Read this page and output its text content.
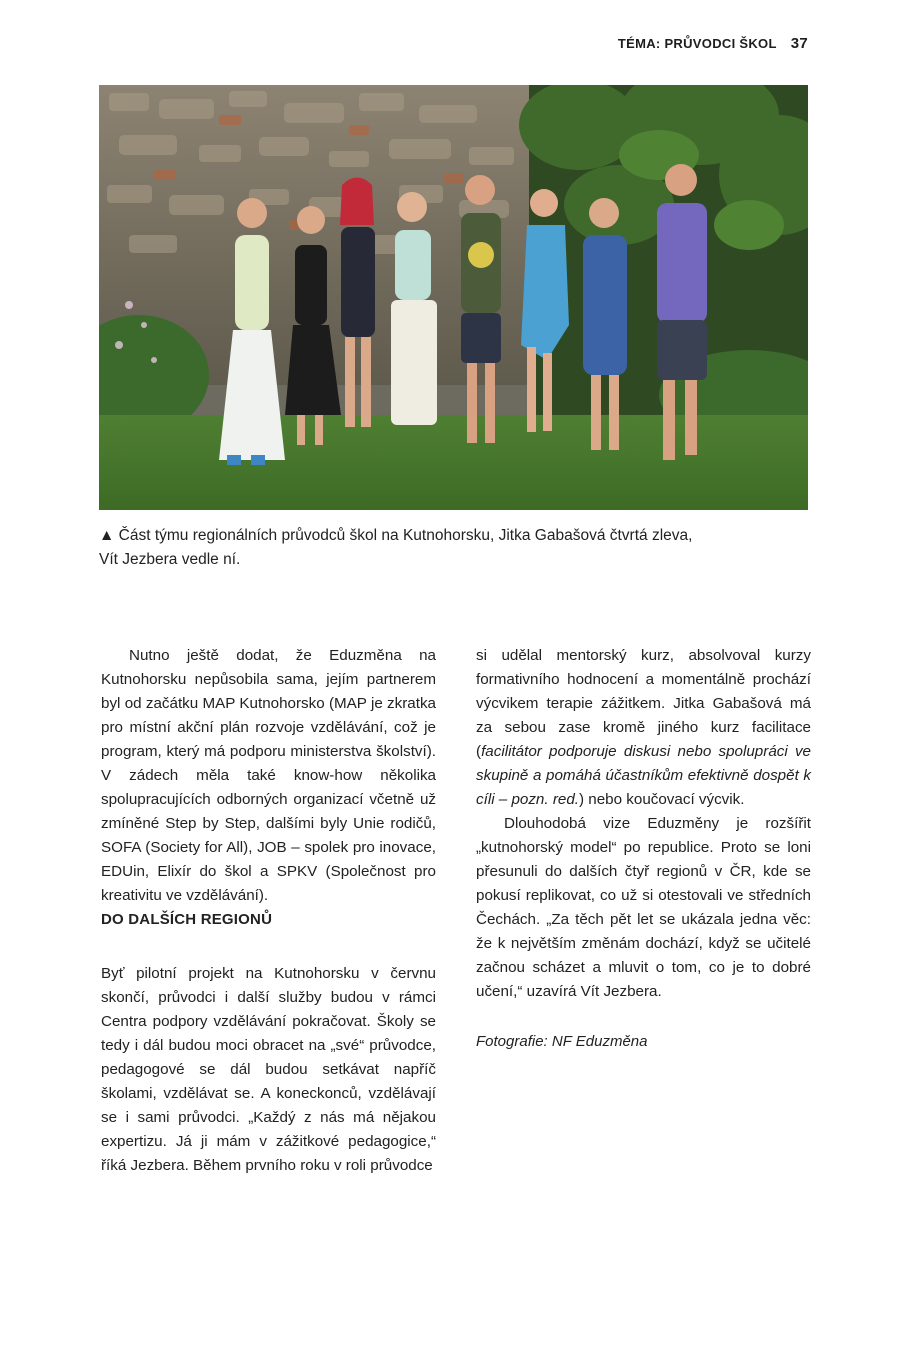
TÉMA: PRŮVODCI ŠKOL 37
▲ Část týmu regionálních průvodců škol na Kutnohorsku, Jitka Gabašová čtvrtá zleva,
Vít Jezbera vedle ní.

Nutno ještě dodat, že Eduzměna na Kutnohorsku nepůsobila sama, jejím partnerem byl od začátku MAP Kutnohorsko (MAP je zkratka pro místní akční plán rozvoje vzdělávání, což je program, který má podporu ministerstva školství). V zádech měla také know-how několika spolupracujících odborných organizací včetně už zmíněné Step by Step, dalšími byly Unie rodičů, SOFA (Society for All), JOB – spolek pro inovace, EDUin, Elixír do škol a SPKV (Společnost pro kreativitu ve vzdělávání).

DO DALŠÍCH REGIONŮ

Byť pilotní projekt na Kutnohorsku v červnu skončí, průvodci i další služby budou v rámci Centra podpory vzdělávání pokračovat. Školy se tedy i dál budou moci obracet na „své“ průvodce, pedagogové se dál budou setkávat napříč školami, vzdělávat se. A koneckonců, vzdělávají se i sami průvodci. „Každý z nás má nějakou expertizu. Já ji mám v zážitkové pedagogice,“ říká Jezbera. Během prvního roku v roli průvodce

si udělal mentorský kurz, absolvoval kurzy formativního hodnocení a momentálně prochází výcvikem terapie zážitkem. Jitka Gabašová má za sebou zase kromě jiného kurz facilitace (facilitátor podporuje diskusi nebo spolupráci ve skupině a pomáhá účastníkům efektivně dospět k cíli – pozn. red.) nebo koučovací výcvik.

Dlouhodobá vize Eduzměny je rozšířit „kutnohorský model“ po republice. Proto se loni přesunuli do dalších čtyř regionů v ČR, kde se pokusí replikovat, co už si otestovali ve středních Čechách. „Za těch pět let se ukázala jedna věc: že k největším změnám dochází, když se učitelé začnou scházet a mluvit o tom, co je to dobré učení,“ uzavírá Vít Jezbera.

Fotografie: NF Eduzměna
